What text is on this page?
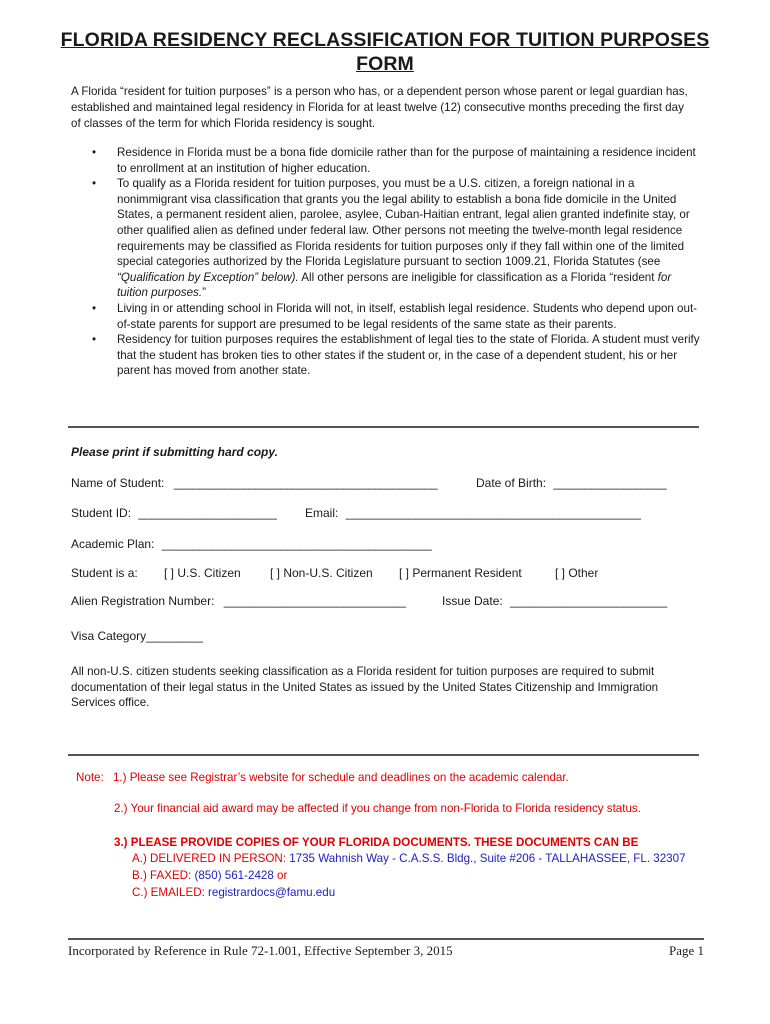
FLORIDA RESIDENCY RECLASSIFICATION FOR TUITION PURPOSES FORM

A Florida “resident for tuition purposes” is a person who has, or a dependent person whose parent or legal guardian has, established and maintained legal residency in Florida for at least twelve (12) consecutive months preceding the first day of classes of the term for which Florida residency is sought.

• Residence in Florida must be a bona fide domicile rather than for the purpose of maintaining a residence incident to enrollment at an institution of higher education.
• To qualify as a Florida resident for tuition purposes, you must be a U.S. citizen, a foreign national in a nonimmigrant visa classification that grants you the legal ability to establish a bona fide domicile in the United States, a permanent resident alien, parolee, asylee, Cuban-Haitian entrant, legal alien granted indefinite stay, or other qualified alien as defined under federal law. Other persons not meeting the twelve-month legal residence requirements may be classified as Florida residents for tuition purposes only if they fall within one of the limited special categories authorized by the Florida Legislature pursuant to section 1009.21, Florida Statutes (see “Qualification by Exception” below). All other persons are ineligible for classification as a Florida “resident for tuition purposes.”
• Living in or attending school in Florida will not, in itself, establish legal residence. Students who depend upon out-of-state parents for support are presumed to be legal residents of the same state as their parents.
• Residency for tuition purposes requires the establishment of legal ties to the state of Florida. A student must verify that the student has broken ties to other states if the student or, in the case of a dependent student, his or her parent has moved from another state.
Please print if submitting hard copy.
Name of Student: __________________________________________	Date of Birth: __________________
Student ID: ______________________ Email: _______________________________________________
Academic Plan: ___________________________________________
Student is a: [ ] U.S. Citizen [ ] Non-U.S. Citizen [ ] Permanent Resident	[ ] Other
Alien Registration Number: _____________________________	Issue Date: _________________________
Visa Category_________

All non-U.S. citizen students seeking classification as a Florida resident for tuition purposes are required to submit documentation of their legal status in the United States as issued by the United States Citizenship and Immigration Services office.

Note: 1.) Please see Registrar’s website for schedule and deadlines on the academic calendar.
2.) Your financial aid award may be affected if you change from non-Florida to Florida residency status.
3.) PLEASE PROVIDE COPIES OF YOUR FLORIDA DOCUMENTS. THESE DOCUMENTS CAN BE
A.) DELIVERED IN PERSON: 1735 Wahnish Way - C.A.S.S. Bldg., Suite #206 - TALLAHASSEE, FL. 32307
B.) FAXED: (850) 561-2428 or
C.) EMAILED: registrardocs@famu.edu
Incorporated by Reference in Rule 72-1.001, Effective September 3, 2015	Page 1
